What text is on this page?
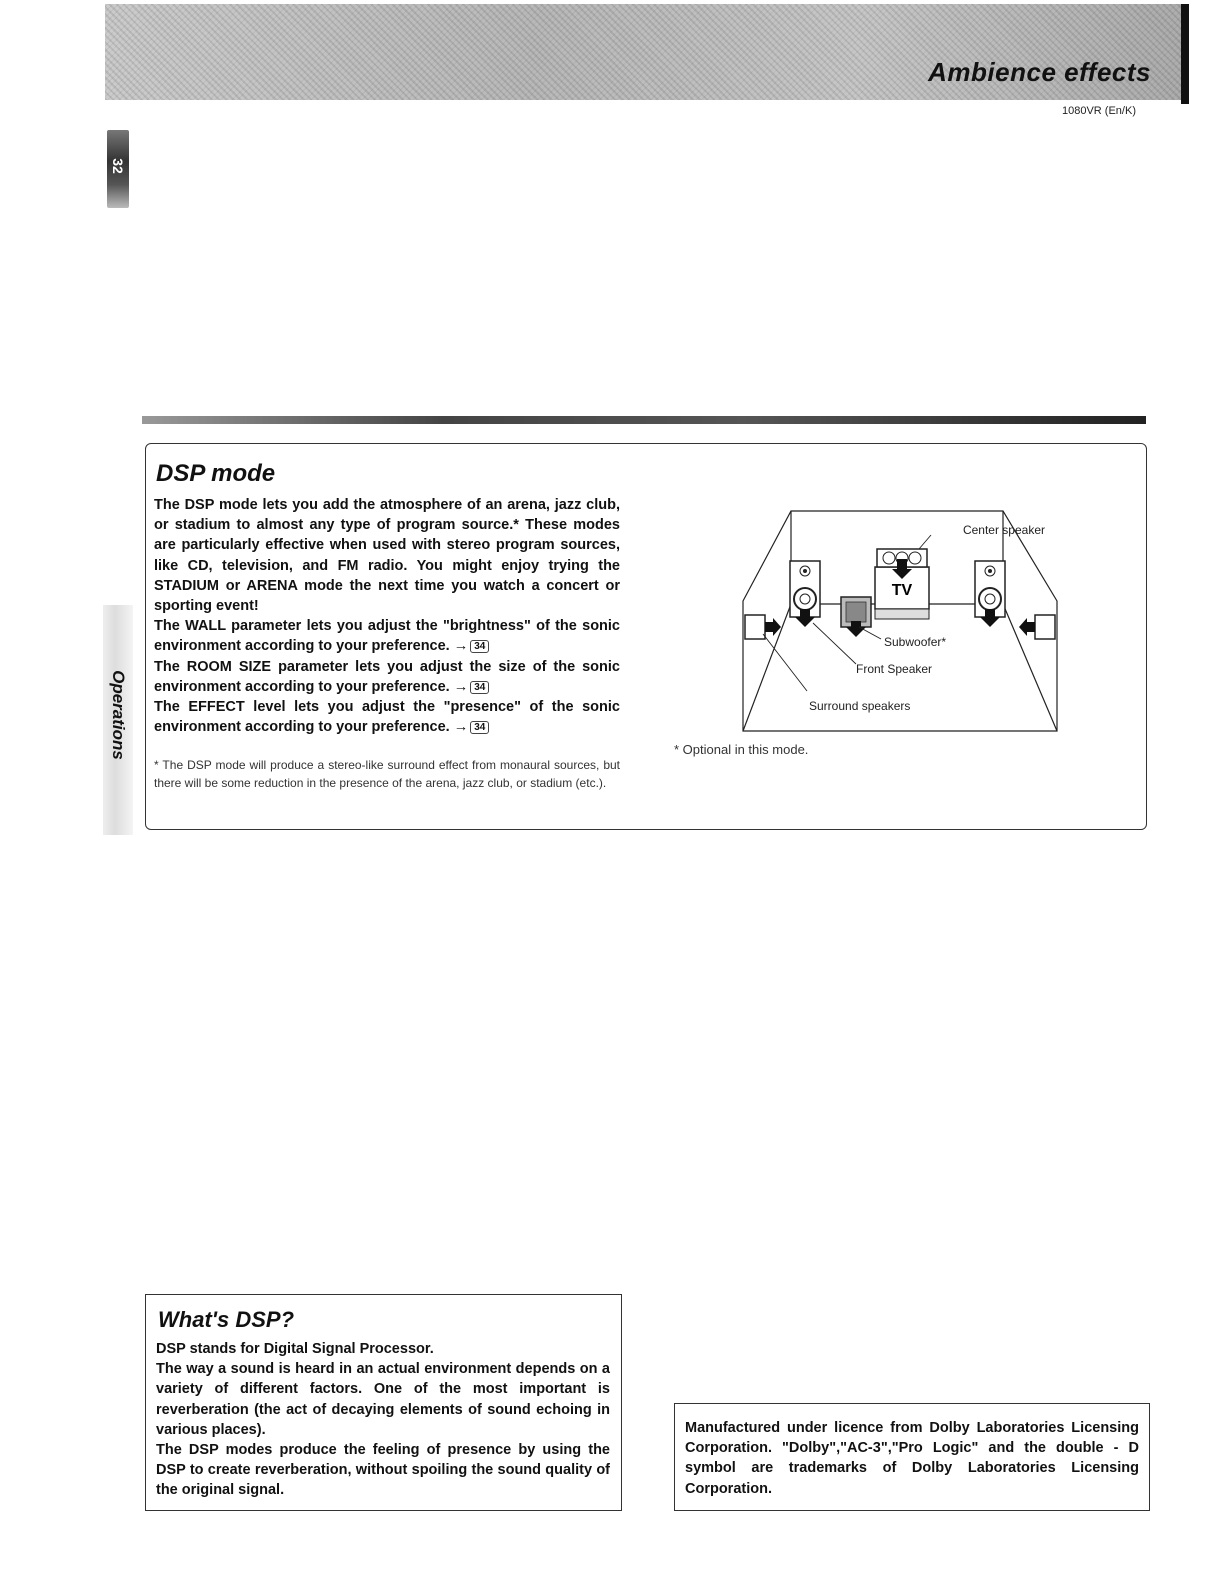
Ambience effects
1080VR (En/K)
32
Operations
DSP mode

The DSP mode lets you add the atmosphere of an arena, jazz club, or stadium to almost any type of program source.* These modes are particularly effective when used with stereo program sources, like CD, television, and FM radio. You might enjoy trying the STADIUM or ARENA mode the next time you watch a concert or sporting event!

The WALL parameter lets you adjust the "brightness" of the sonic environment according to your preference. → 34

The ROOM SIZE parameter lets you adjust the size of the sonic environment according to your preference. → 34

The EFFECT level lets you adjust the "presence" of the sonic environment according to your preference. → 34

* The DSP mode will produce a stereo-like surround effect from monaural sources, but there will be some reduction in the presence of the arena, jazz club, or stadium (etc.).
TV
Center speaker
Subwoofer*
Front Speaker
Surround speakers
* Optional in this mode.
What's DSP?

DSP stands for Digital Signal Processor.

The way a sound is heard in an actual environment depends on a variety of different factors. One of the most important is reverberation (the act of decaying elements of sound echoing in various places).

The DSP modes produce the feeling of presence by using the DSP to create reverberation, without spoiling the sound quality of the original signal.

Manufactured under licence from Dolby Laboratories Licensing Corporation. "Dolby","AC-3","Pro Logic" and the double - D symbol are trademarks of Dolby Laboratories Licensing Corporation.
